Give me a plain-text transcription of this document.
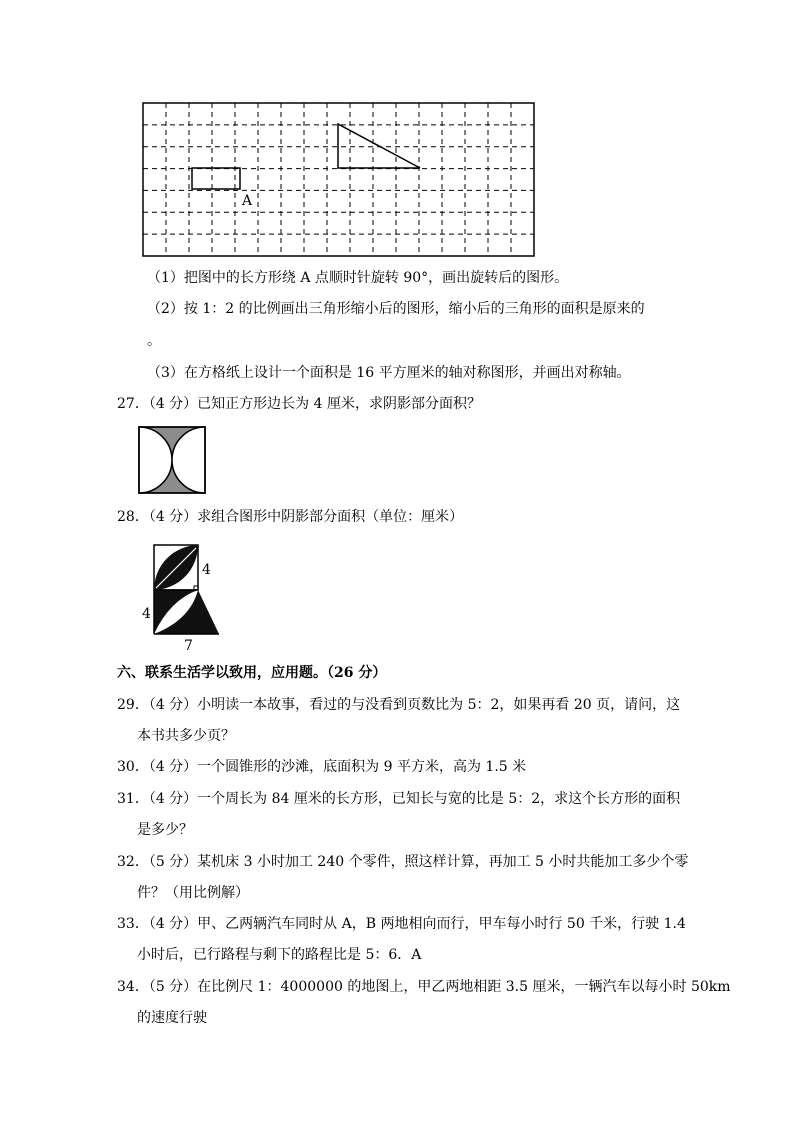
A
（1）把图中的长方形绕 A 点顺时针旋转 90°，画出旋转后的图形。
（2）按 1：2 的比例画出三角形缩小后的图形，缩小后的三角形的面积是原来的
。
（3）在方格纸上设计一个面积是 16 平方厘米的轴对称图形，并画出对称轴。
27．（4 分）已知正方形边长为 4 厘米，求阴影部分面积？
28．（4 分）求组合图形中阴影部分面积（单位：厘米）
4
4
7
六、联系生活学以致用，应用题。（26 分）
29．（4 分）小明读一本故事，看过的与没看到页数比为 5：2，如果再看 20 页，请问，这
本书共多少页？
30．（4 分）一个圆锥形的沙滩，底面积为 9 平方米，高为 1.5 米
31．（4 分）一个周长为 84 厘米的长方形，已知长与宽的比是 5：2，求这个长方形的面积
是多少？
32．（5 分）某机床 3 小时加工 240 个零件，照这样计算，再加工 5 小时共能加工多少个零
件？（用比例解）
33．（4 分）甲、乙两辆汽车同时从 A，B 两地相向而行，甲车每小时行 50 千米，行驶 1.4
小时后，已行路程与剩下的路程比是 5：6．A
34．（5 分）在比例尺 1：4000000 的地图上，甲乙两地相距 3.5 厘米，一辆汽车以每小时 50km
的速度行驶
